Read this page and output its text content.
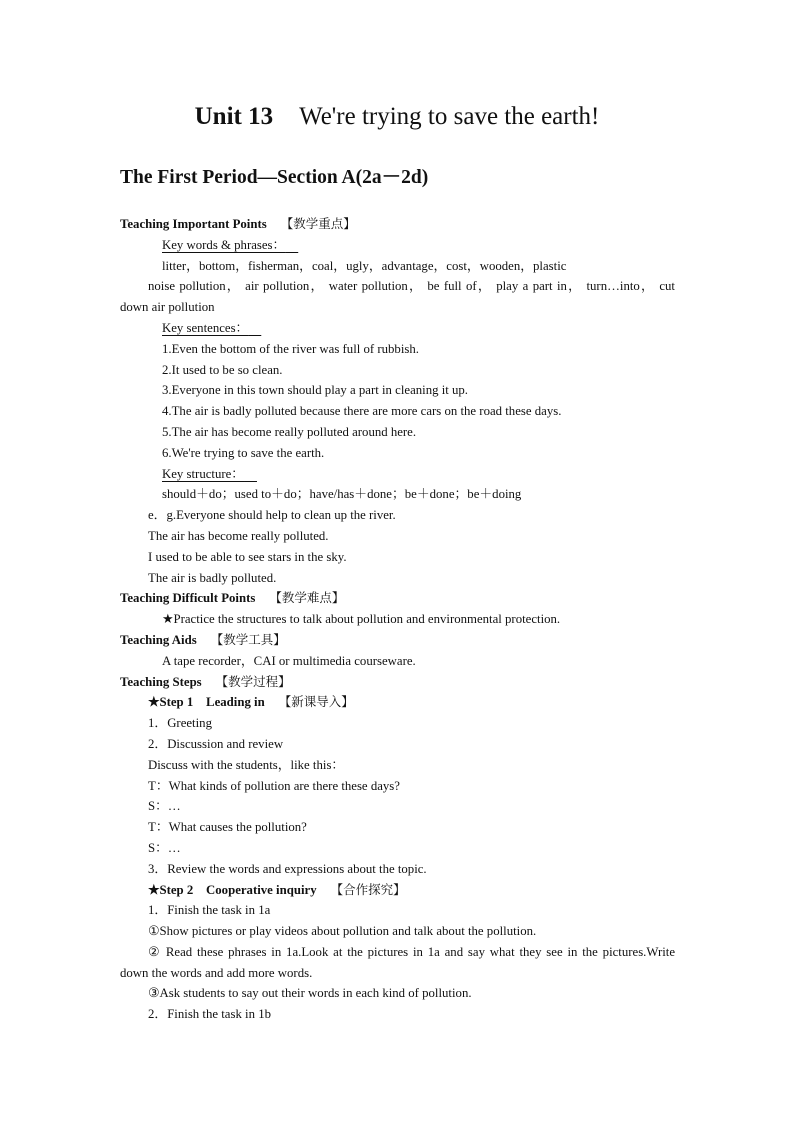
Unit 13 We're trying to save the earth!
The First Period—Section A(2a－2d)
Teaching Important Points 【教学重点】
Key words & phrases：
litter，bottom，fisherman，coal，ugly，advantage，cost，wooden，plastic
noise pollution， air pollution， water pollution， be full of， play a part in， turn…into， cut down air pollution
Key sentences：
1.Even the bottom of the river was full of rubbish.
2.It used to be so clean.
3.Everyone in this town should play a part in cleaning it up.
4.The air is badly polluted because there are more cars on the road these days.
5.The air has become really polluted around here.
6.We're trying to save the earth.
Key structure：
should＋do；used to＋do；have/has＋done；be＋done；be＋doing
e．g.Everyone should help to clean up the river.
The air has become really polluted.
I used to be able to see stars in the sky.
The air is badly polluted.
Teaching Difficult Points 【教学难点】
★Practice the structures to talk about pollution and environmental protection.
Teaching Aids 【教学工具】
A tape recorder，CAI or multimedia courseware.
Teaching Steps 【教学过程】
★Step 1　Leading in 【新课导入】
1．Greeting
2．Discussion and review
Discuss with the students，like this：
T：What kinds of pollution are there these days?
S：…
T：What causes the pollution?
S：…
3．Review the words and expressions about the topic.
★Step 2　Cooperative inquiry 【合作探究】
1．Finish the task in 1a
①Show pictures or play videos about pollution and talk about the pollution.
② Read these phrases in 1a.Look at the pictures in 1a and say what they see in the pictures.Write down the words and add more words.
③Ask students to say out their words in each kind of pollution.
2．Finish the task in 1b
